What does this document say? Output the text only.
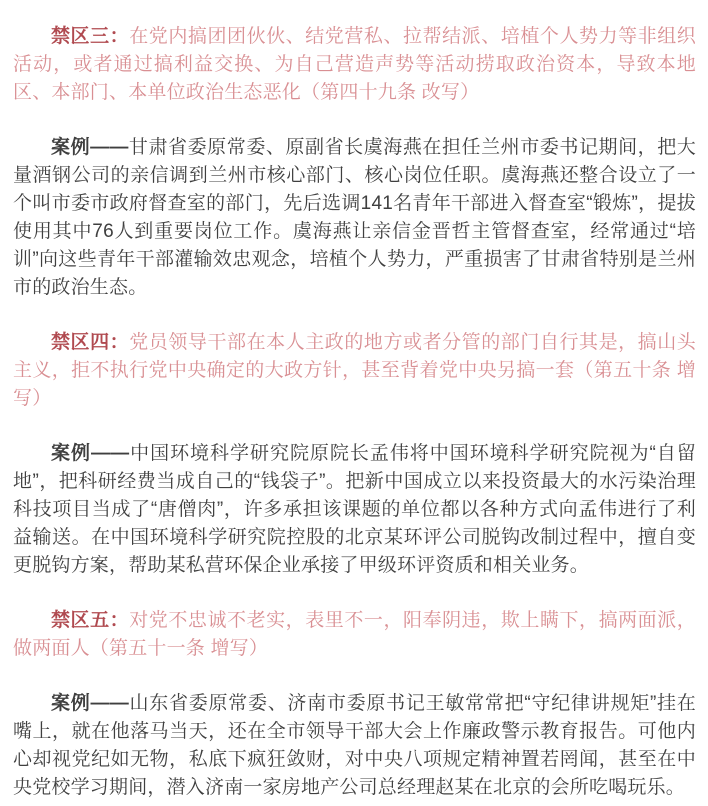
禁区三：在党内搞团团伙伙、结党营私、拉帮结派、培植个人势力等非组织活动，或者通过搞利益交换、为自己营造声势等活动捞取政治资本，导致本地区、本部门、本单位政治生态恶化（第四十九条 改写）

案例——甘肃省委原常委、原副省长虞海燕在担任兰州市委书记期间，把大量酒钢公司的亲信调到兰州市核心部门、核心岗位任职。虞海燕还整合设立了一个叫市委市政府督查室的部门，先后选调141名青年干部进入督查室“锻炼”，提拔使用其中76人到重要岗位工作。虞海燕让亲信金晋哲主管督查室，经常通过“培训”向这些青年干部灌输效忠观念，培植个人势力，严重损害了甘肃省特别是兰州市的政治生态。

禁区四：党员领导干部在本人主政的地方或者分管的部门自行其是，搞山头主义，拒不执行党中央确定的大政方针，甚至背着党中央另搞一套（第五十条 增写）

案例——中国环境科学研究院原院长孟伟将中国环境科学研究院视为“自留地”，把科研经费当成自己的“钱袋子”。把新中国成立以来投资最大的水污染治理科技项目当成了“唐僧肉”，许多承担该课题的单位都以各种方式向孟伟进行了利益输送。在中国环境科学研究院控股的北京某环评公司脱钩改制过程中，擅自变更脱钩方案，帮助某私营环保企业承接了甲级环评资质和相关业务。

禁区五：对党不忠诚不老实，表里不一，阳奉阴违，欺上瞒下，搞两面派，做两面人（第五十一条 增写）

案例——山东省委原常委、济南市委原书记王敏常常把“守纪律讲规矩”挂在嘴上，就在他落马当天，还在全市领导干部大会上作廉政警示教育报告。可他内心却视党纪如无物，私底下疯狂敛财，对中央八项规定精神置若罔闻，甚至在中央党校学习期间，潜入济南一家房地产公司总经理赵某在北京的会所吃喝玩乐。
